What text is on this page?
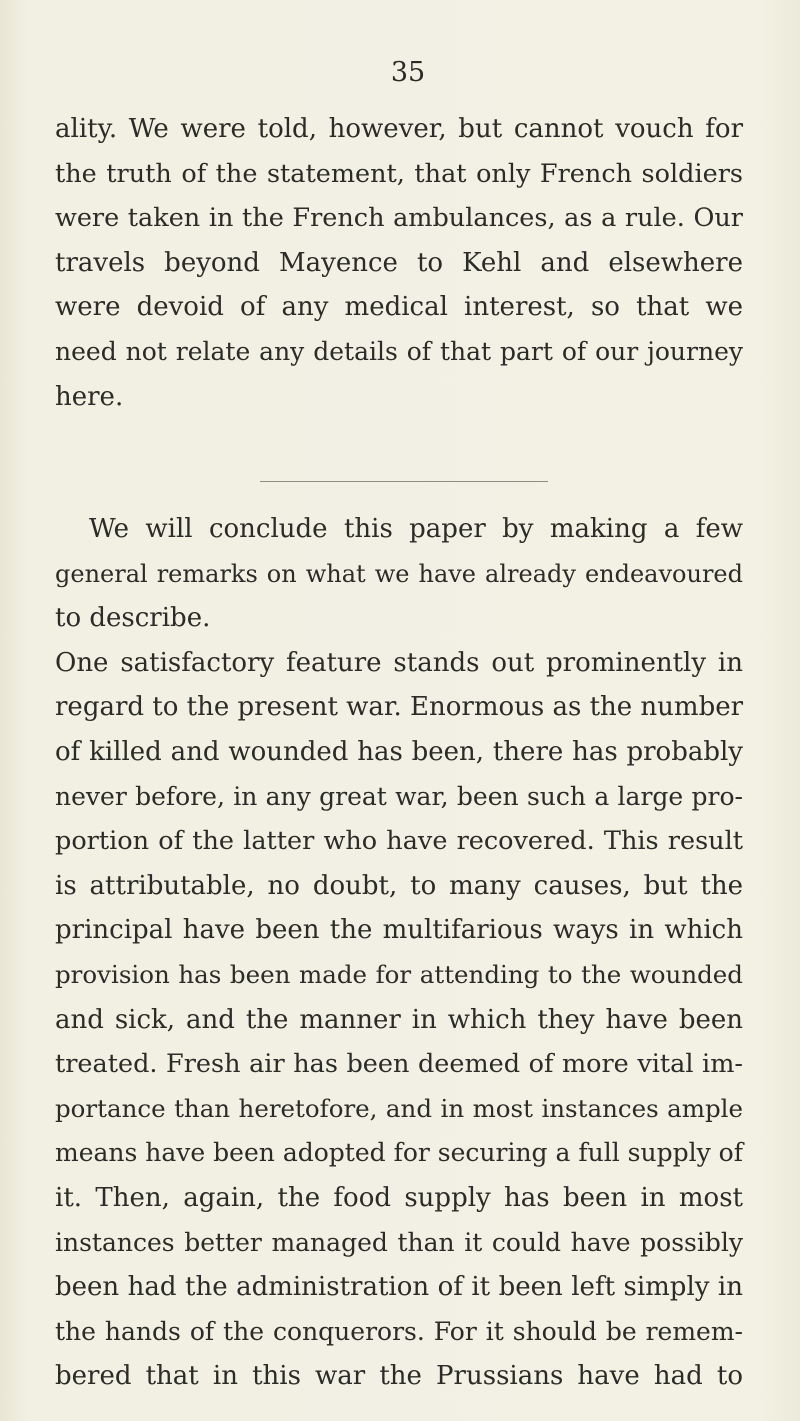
35

ality. We were told, however, but cannot vouch for
the truth of the statement, that only French soldiers
were taken in the French ambulances, as a rule. Our
travels beyond Mayence to Kehl and elsewhere
were devoid of any medical interest, so that we
need not relate any details of that part of our journey
here.

We will conclude this paper by making a few

general remarks on what we have already endeavoured
to describe.

One satisfactory feature stands out prominently in
regard to the present war. Enormous as the number
of killed and wounded has been, there has probably
never before, in any great war, been such a large pro-
portion of the latter who have recovered. This result
is attributable, no doubt, to many causes, but the
principal have been the multifarious ways in which
provision has been made for attending to the wounded
and sick, and the manner in which they have been
treated. Fresh air has been deemed of more vital im-
portance than heretofore, and in most instances ample
means have been adopted for securing a full supply of
it. Then, again, the food supply has been in most
instances better managed than it could have possibly
been had the administration of it been left simply in
the hands of the conquerors. For it should be remem-
bered that in this war the Prussians have had to
